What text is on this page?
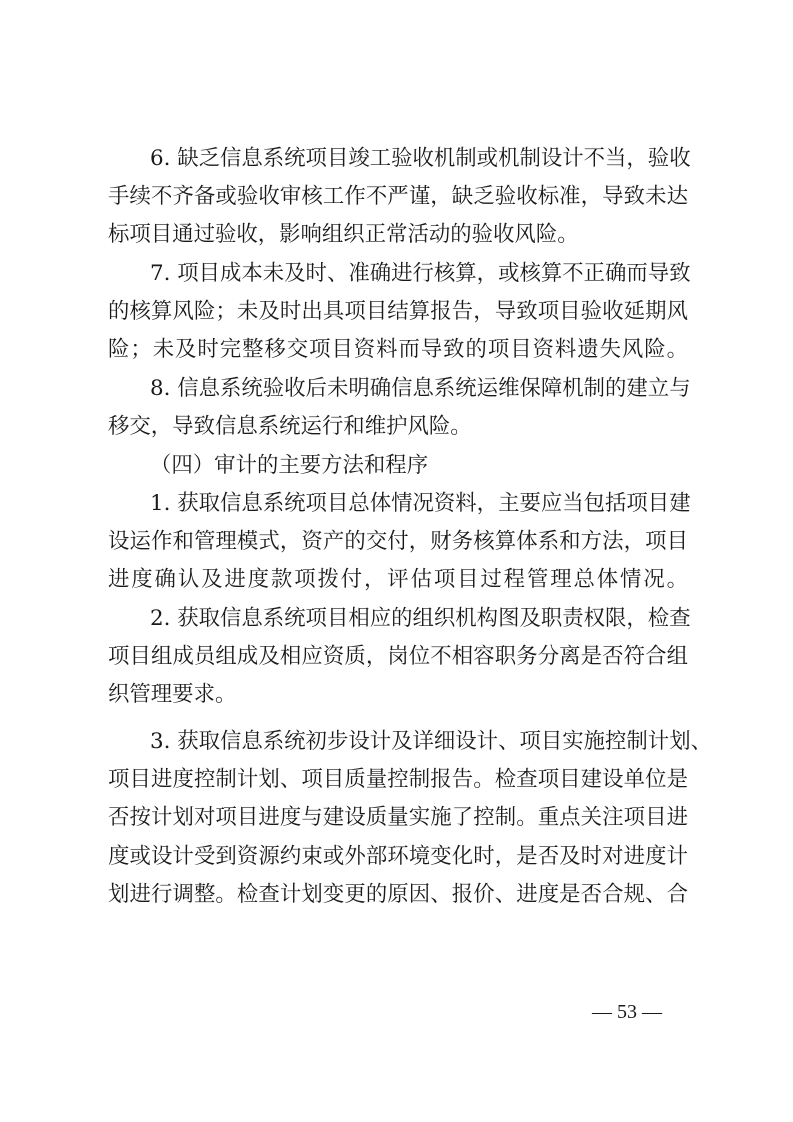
6. 缺乏信息系统项目竣工验收机制或机制设计不当，验收
手续不齐备或验收审核工作不严谨，缺乏验收标准，导致未达
标项目通过验收，影响组织正常活动的验收风险。
7. 项目成本未及时、准确进行核算，或核算不正确而导致
的核算风险；未及时出具项目结算报告，导致项目验收延期风
险；未及时完整移交项目资料而导致的项目资料遗失风险。
8. 信息系统验收后未明确信息系统运维保障机制的建立与
移交，导致信息系统运行和维护风险。
（四）审计的主要方法和程序
1. 获取信息系统项目总体情况资料，主要应当包括项目建
设运作和管理模式，资产的交付，财务核算体系和方法，项目
进度确认及进度款项拨付，评估项目过程管理总体情况。
2. 获取信息系统项目相应的组织机构图及职责权限，检查
项目组成员组成及相应资质，岗位不相容职务分离是否符合组
织管理要求。
3. 获取信息系统初步设计及详细设计、项目实施控制计划、
项目进度控制计划、项目质量控制报告。检查项目建设单位是
否按计划对项目进度与建设质量实施了控制。重点关注项目进
度或设计受到资源约束或外部环境变化时，是否及时对进度计
划进行调整。检查计划变更的原因、报价、进度是否合规、合
— 53 —
